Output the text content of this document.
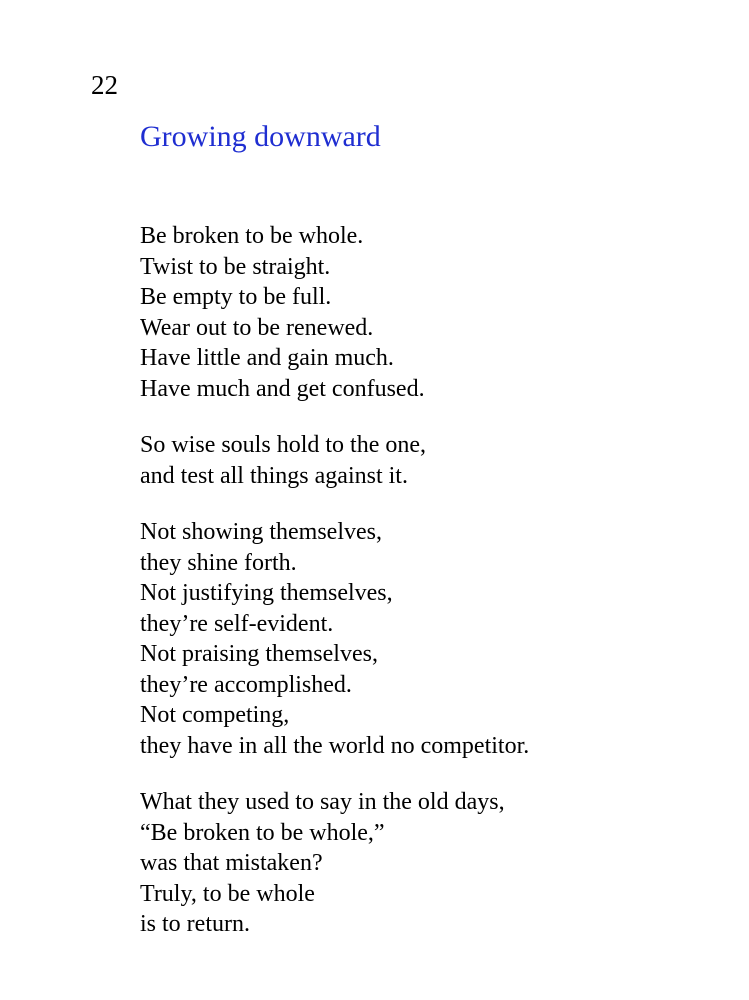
22
Growing downward
Be broken to be whole.
Twist to be straight.
Be empty to be full.
Wear out to be renewed.
Have little and gain much.
Have much and get confused.
So wise souls hold to the one,
and test all things against it.
Not showing themselves,
they shine forth.
Not justifying themselves,
they’re self-evident.
Not praising themselves,
they’re accomplished.
Not competing,
they have in all the world no competitor.
What they used to say in the old days,
“Be broken to be whole,”
was that mistaken?
Truly, to be whole
is to return.
